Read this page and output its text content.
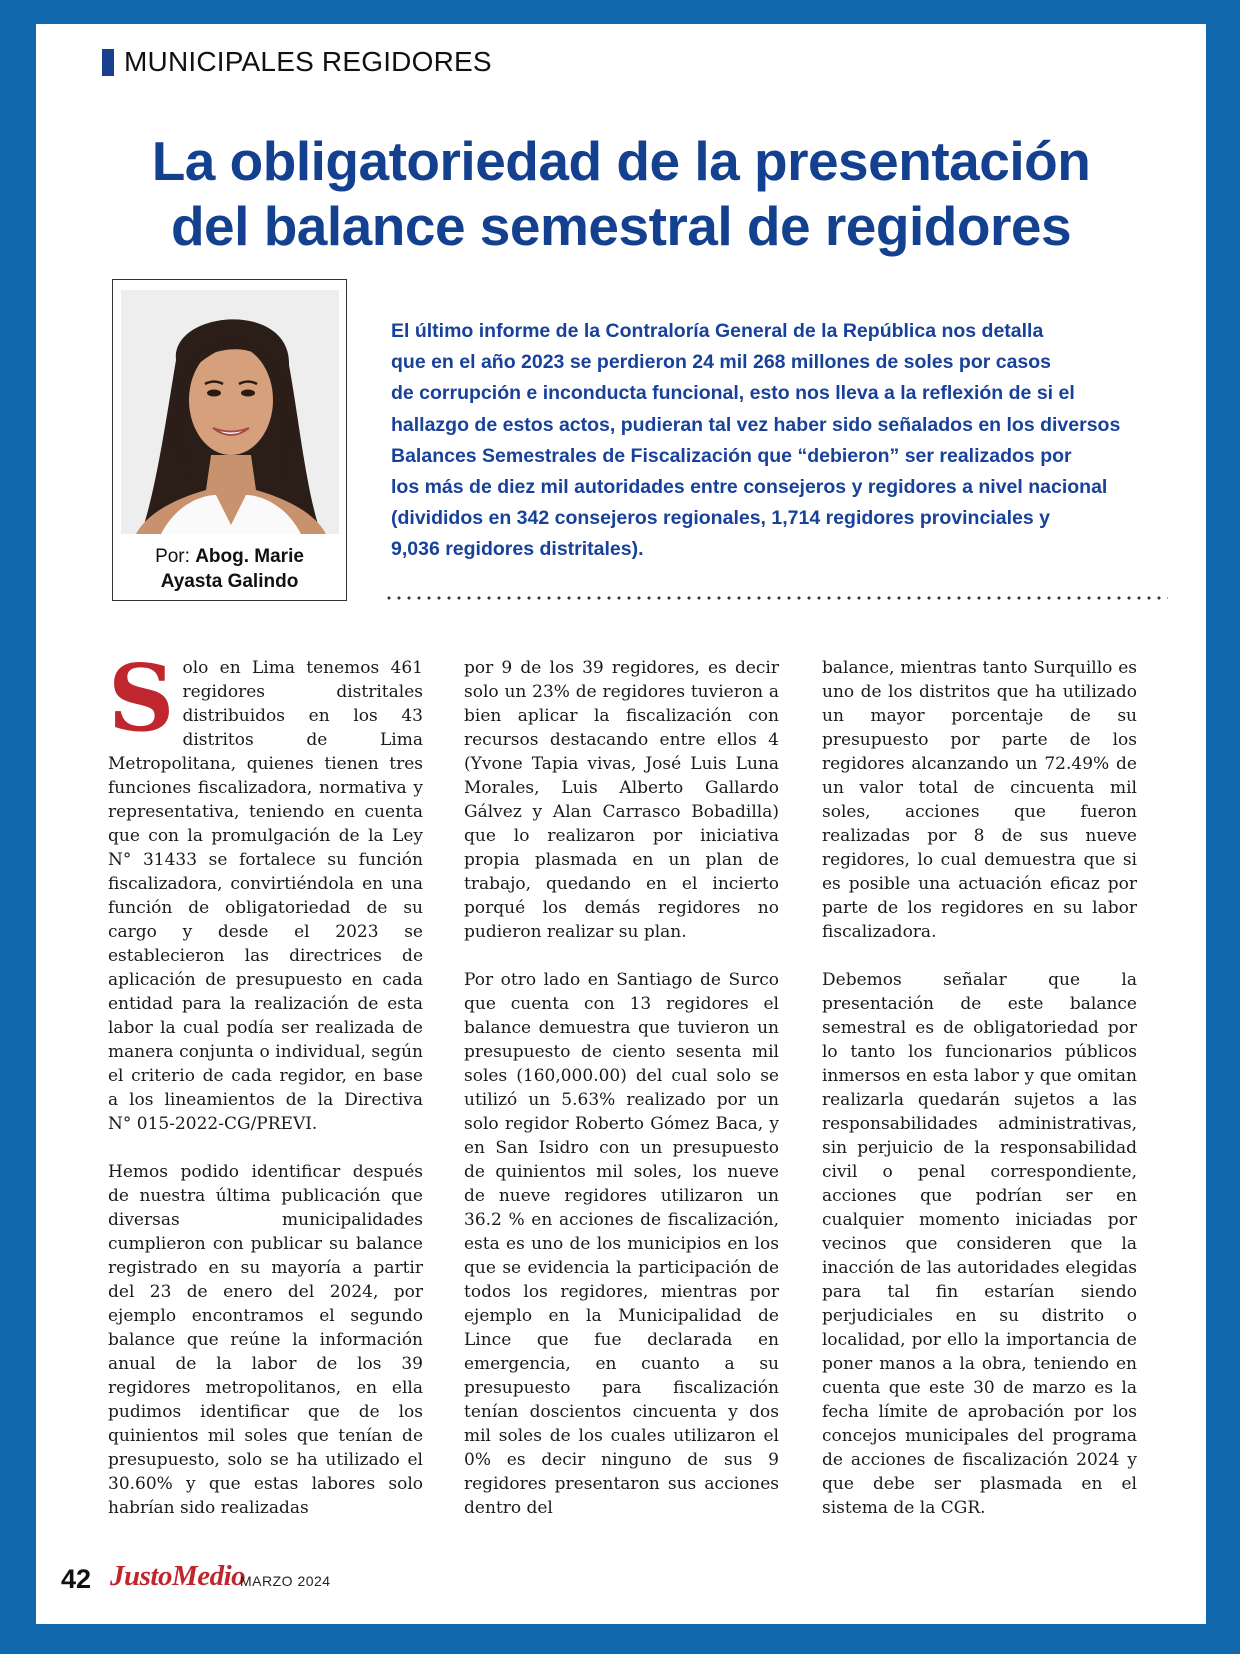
MUNICIPALES REGIDORES
La obligatoriedad de la presentación
del balance semestral de regidores
Por: Abog. Marie
Ayasta Galindo
El último informe de la Contraloría General de la República nos detalla
que en el año 2023 se perdieron 24 mil 268 millones de soles por casos
de corrupción e inconducta funcional, esto nos lleva a la reflexión de si el
hallazgo de estos actos, pudieran tal vez haber sido señalados en los diversos
Balances Semestrales de Fiscalización que “debieron” ser realizados por
los más de diez mil autoridades entre consejeros y regidores a nivel nacional
(divididos en 342 consejeros regionales, 1,714 regidores provinciales y
9,036 regidores distritales).

Solo en Lima tenemos 461 regidores distritales distribuidos en los 43 distritos de Lima Metropolitana, quienes tienen tres funciones fiscalizadora, normativa y representativa, teniendo en cuenta que con la promulgación de la Ley N° 31433 se fortalece su función fiscalizadora, convirtiéndola en una función de obligatoriedad de su cargo y desde el 2023 se establecieron las directrices de aplicación de presupuesto en cada entidad para la realización de esta labor la cual podía ser realizada de manera conjunta o individual, según el criterio de cada regidor, en base a los lineamientos de la Directiva N° 015-2022-CG/PREVI.

Hemos podido identificar después de nuestra última publicación que diversas municipalidades cumplieron con publicar su balance registrado en su mayoría a partir del 23 de enero del 2024, por ejemplo encontramos el segundo balance que reúne la información anual de la labor de los 39 regidores metropolitanos, en ella pudimos identificar que de los quinientos mil soles que tenían de presupuesto, solo se ha utilizado el 30.60% y que estas labores solo habrían sido realizadas

por 9 de los 39 regidores, es decir solo un 23% de regidores tuvieron a bien aplicar la fiscalización con recursos destacando entre ellos 4 (Yvone Tapia vivas, José Luis Luna Morales, Luis Alberto Gallardo Gálvez y Alan Carrasco Bobadilla) que lo realizaron por iniciativa propia plasmada en un plan de trabajo, quedando en el incierto porqué los demás regidores no pudieron realizar su plan.

Por otro lado en Santiago de Surco que cuenta con 13 regidores el balance demuestra que tuvieron un presupuesto de ciento sesenta mil soles (160,000.00) del cual solo se utilizó un 5.63% realizado por un solo regidor Roberto Gómez Baca, y en San Isidro con un presupuesto de quinientos mil soles, los nueve de nueve regidores utilizaron un 36.2 % en acciones de fiscalización, esta es uno de los municipios en los que se evidencia la participación de todos los regidores, mientras por ejemplo en la Municipalidad de Lince que fue declarada en emergencia, en cuanto a su presupuesto para fiscalización tenían doscientos cincuenta y dos mil soles de los cuales utilizaron el 0% es decir ninguno de sus 9 regidores presentaron sus acciones dentro del

balance, mientras tanto Surquillo es uno de los distritos que ha utilizado un mayor porcentaje de su presupuesto por parte de los regidores alcanzando un 72.49% de un valor total de cincuenta mil soles, acciones que fueron realizadas por 8 de sus nueve regidores, lo cual demuestra que si es posible una actuación eficaz por parte de los regidores en su labor fiscalizadora.

Debemos señalar que la presentación de este balance semestral es de obligatoriedad por lo tanto los funcionarios públicos inmersos en esta labor y que omitan realizarla quedarán sujetos a las responsabilidades administrativas, sin perjuicio de la responsabilidad civil o penal correspondiente, acciones que podrían ser en cualquier momento iniciadas por vecinos que consideren que la inacción de las autoridades elegidas para tal fin estarían siendo perjudiciales en su distrito o localidad, por ello la importancia de poner manos a la obra, teniendo en cuenta que este 30 de marzo es la fecha límite de aprobación por los concejos municipales del programa de acciones de fiscalización 2024 y que debe ser plasmada en el sistema de la CGR.

42 JustoMedio
MARZO 2024
